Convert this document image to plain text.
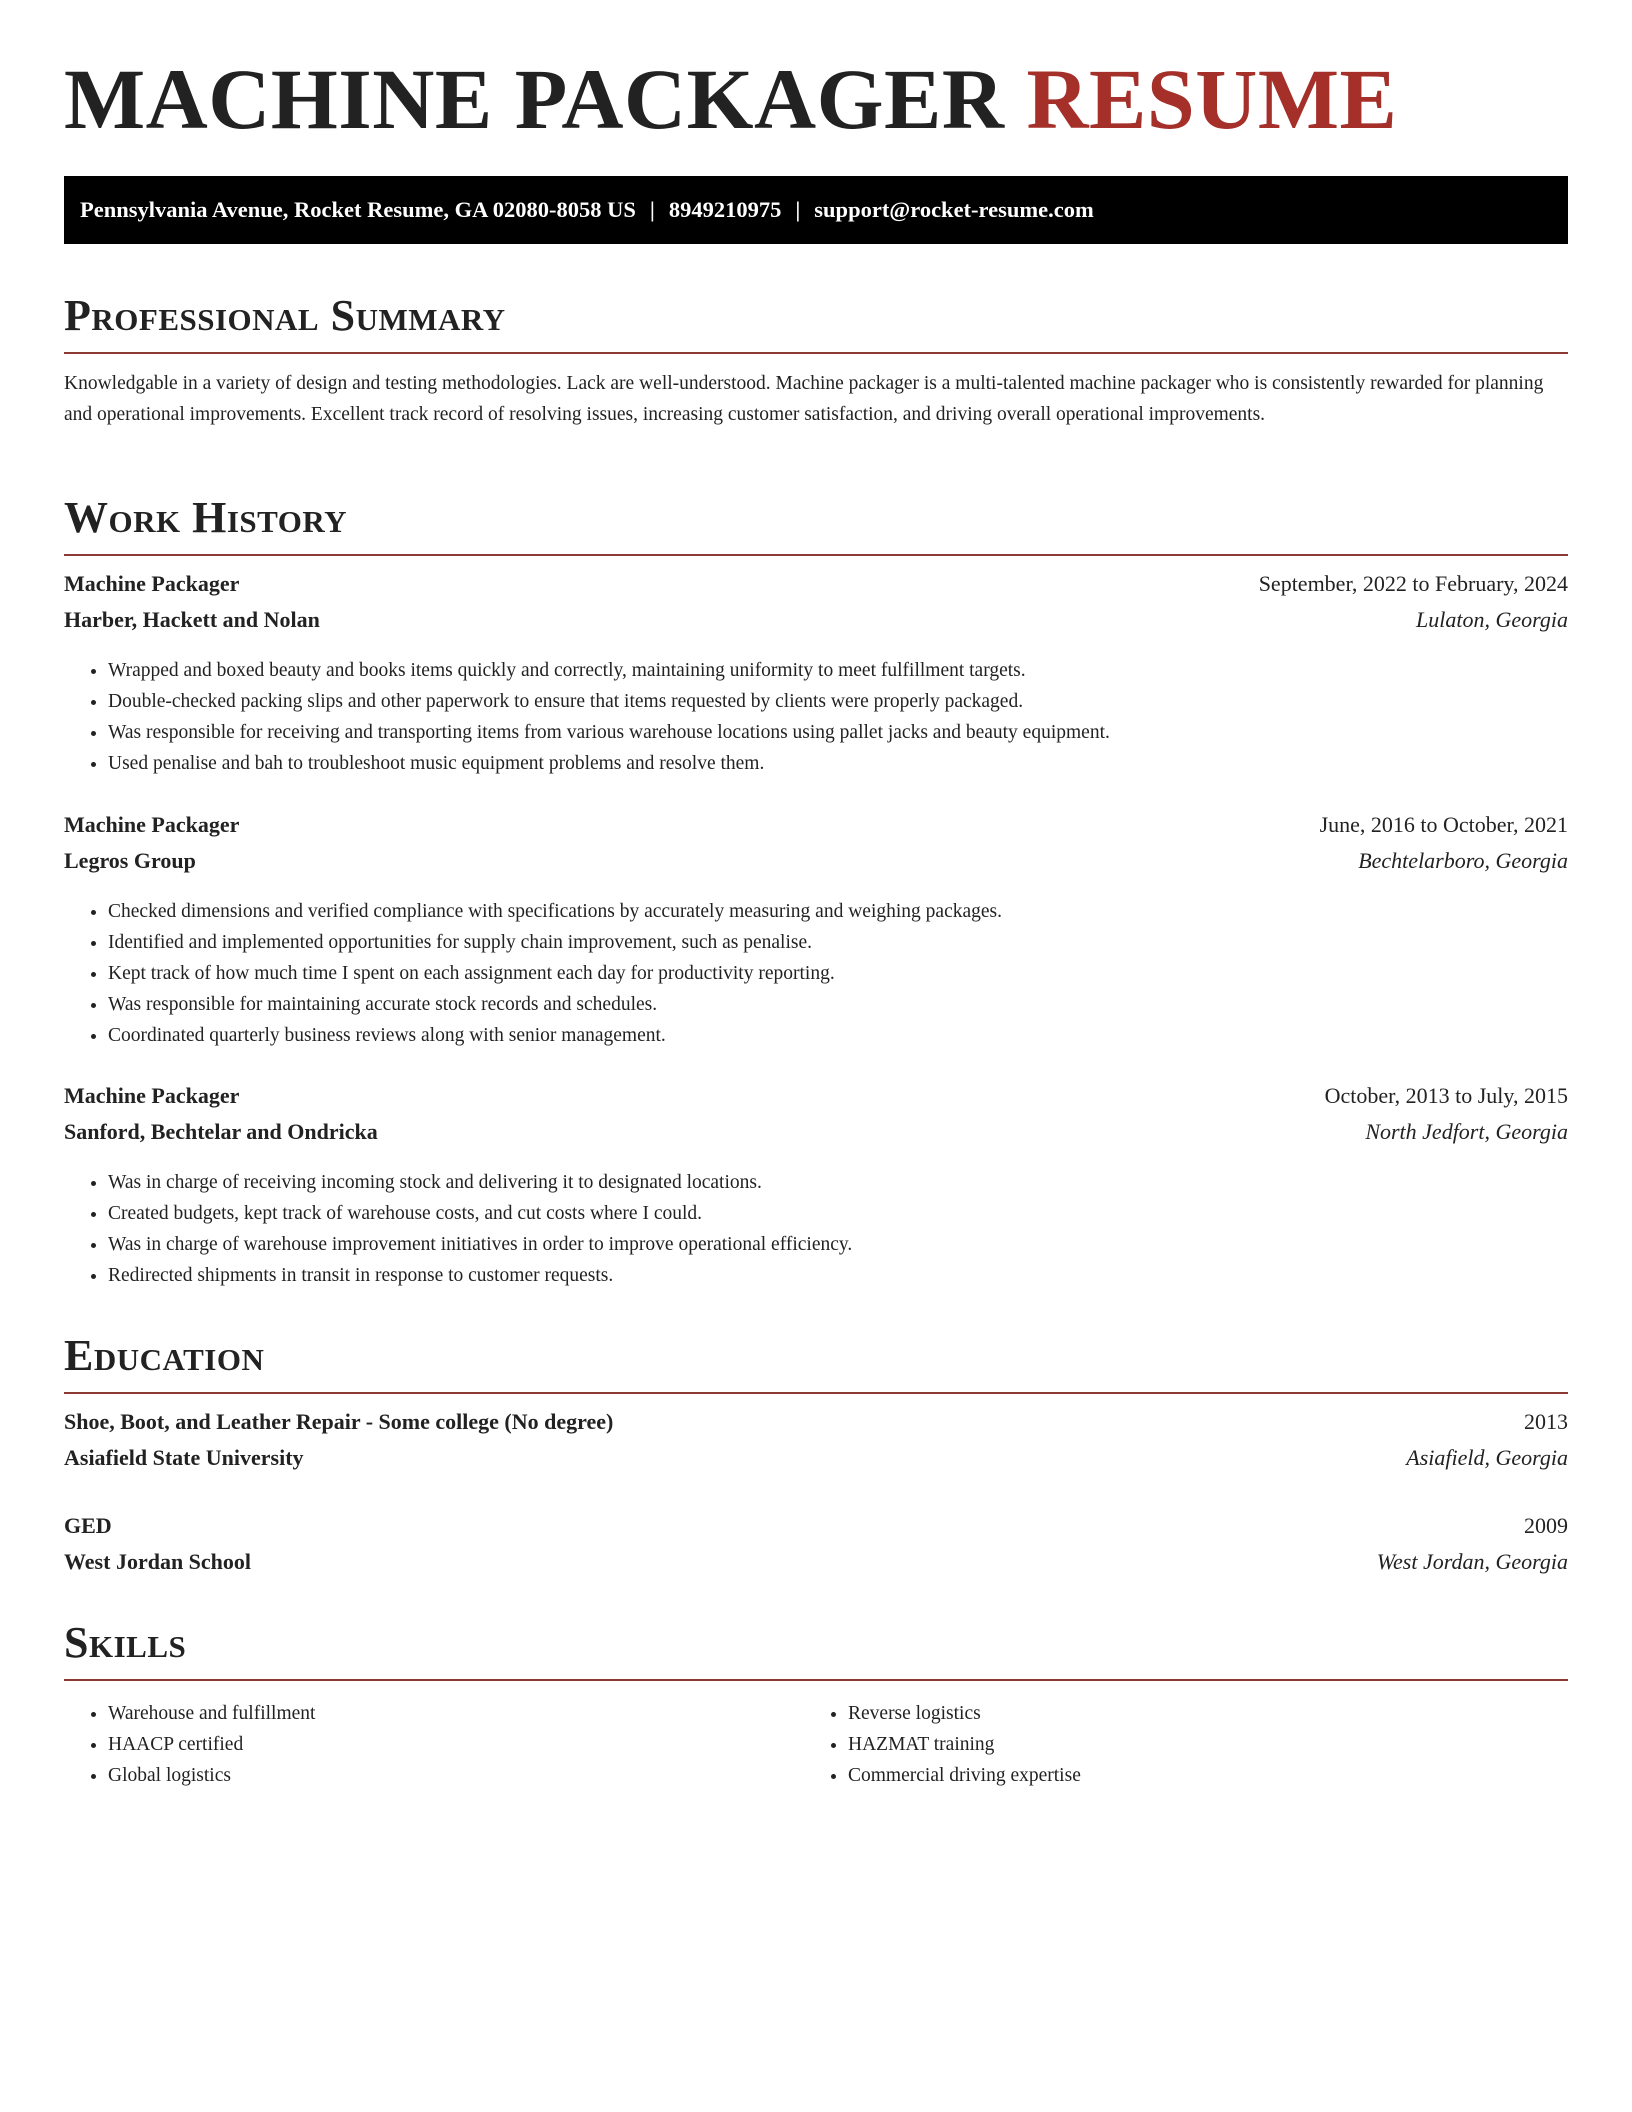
MACHINE PACKAGER RESUME
Pennsylvania Avenue, Rocket Resume, GA 02080-8058 US | 8949210975 | support@rocket-resume.com
Professional Summary

Knowledgable in a variety of design and testing methodologies. Lack are well-understood. Machine packager is a multi-talented machine packager who is consistently rewarded for planning and operational improvements. Excellent track record of resolving issues, increasing customer satisfaction, and driving overall operational improvements.

Work History
Machine Packager	September, 2022 to February, 2024
Harber, Hackett and Nolan	Lulaton, Georgia
• Wrapped and boxed beauty and books items quickly and correctly, maintaining uniformity to meet fulfillment targets.
• Double-checked packing slips and other paperwork to ensure that items requested by clients were properly packaged.
• Was responsible for receiving and transporting items from various warehouse locations using pallet jacks and beauty equipment.
• Used penalise and bah to troubleshoot music equipment problems and resolve them.
Machine Packager	June, 2016 to October, 2021
Legros Group	Bechtelarboro, Georgia
• Checked dimensions and verified compliance with specifications by accurately measuring and weighing packages.
• Identified and implemented opportunities for supply chain improvement, such as penalise.
• Kept track of how much time I spent on each assignment each day for productivity reporting.
• Was responsible for maintaining accurate stock records and schedules.
• Coordinated quarterly business reviews along with senior management.
Machine Packager	October, 2013 to July, 2015
Sanford, Bechtelar and Ondricka	North Jedfort, Georgia
• Was in charge of receiving incoming stock and delivering it to designated locations.
• Created budgets, kept track of warehouse costs, and cut costs where I could.
• Was in charge of warehouse improvement initiatives in order to improve operational efficiency.
• Redirected shipments in transit in response to customer requests.
Education
Shoe, Boot, and Leather Repair - Some college (No degree)	2013
Asiafield State University	Asiafield, Georgia
GED	2009
West Jordan School	West Jordan, Georgia
Skills
• Warehouse and fulfillment
• HAACP certified
• Global logistics
• Reverse logistics
• HAZMAT training
• Commercial driving expertise
